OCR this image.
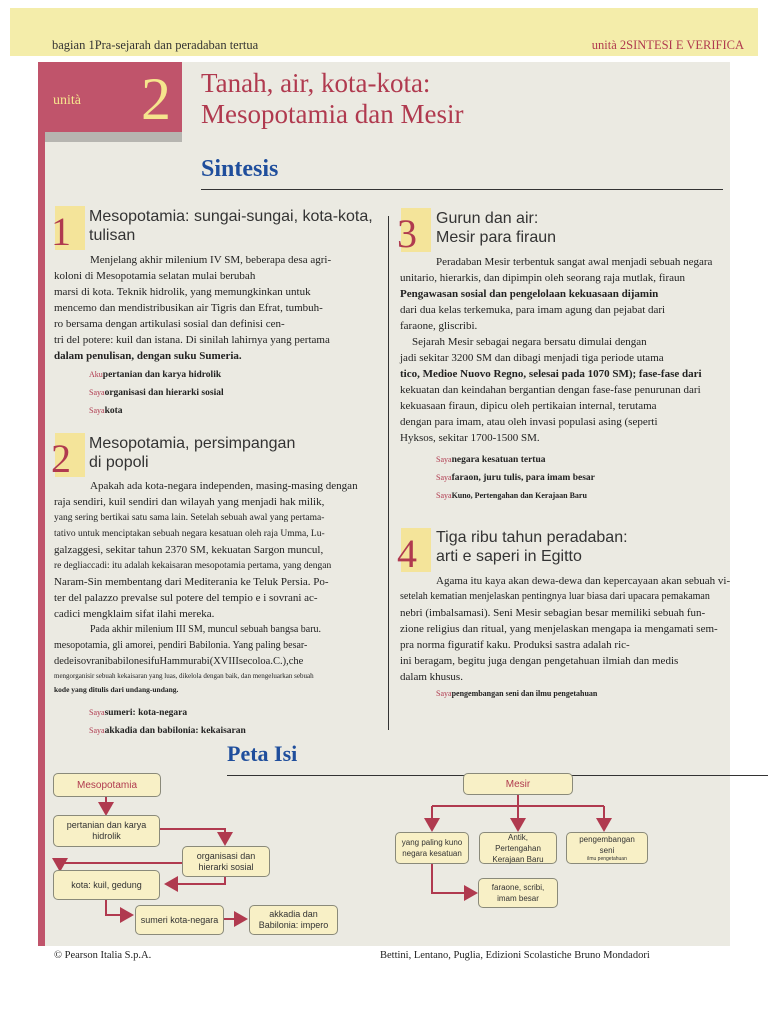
bagian 1Pra-sejarah dan peradaban tertua	unità 2SINTESI E VERIFICA
unità 2 Tanah, air, kota-kota:
Mesopotamia dan Mesir
Sintesis
1 Mesopotamia: sungai-sungai, kota-kota,
tulisan

Menjelang akhir milenium IV SM, beberapa desa agri-

koloni di Mesopotamia selatan mulai berubah

marsi di kota. Teknik hidrolik, yang memungkinkan untuk

mencemo dan mendistribusikan air Tigris dan Efrat, tumbuh-

ro bersama dengan artikulasi sosial dan definisi cen-

tri del potere: kuil dan istana. Di sinilah lahirnya yang pertama

dalam penulisan, dengan suku Sumeria.

Akupertanian dan karya hidrolik
Sayaorganisasi dan hierarki sosial
Sayakota
2 Mesopotamia, persimpangan
di popoli

Apakah ada kota-negara independen, masing-masing dengan

raja sendiri, kuil sendiri dan wilayah yang menjadi hak milik,

yang sering bertikai satu sama lain. Setelah sebuah awal yang pertama-

tativo untuk menciptakan sebuah negara kesatuan oleh raja Umma, Lu-

galzaggesi, sekitar tahun 2370 SM, kekuatan Sargon muncul,

re degliaccadi: itu adalah kekaisaran mesopotamia pertama, yang dengan

Naram-Sin membentang dari Mediterania ke Teluk Persia. Po-

ter del palazzo prevalse sul potere del tempio e i sovrani ac-

cadici mengklaim sifat ilahi mereka.

Pada akhir milenium III SM, muncul sebuah bangsa baru.

mesopotamia, gli amorei, pendiri Babilonia. Yang paling besar-

dedeisovranibabilonesifuHammurabi(XVIIIsecoloa.C.),che

mengorganisir sebuah kekaisaran yang luas, dikelola dengan baik, dan mengeluarkan sebuah

kode yang ditulis dari undang-undang.

Sayasumeri: kota-negara
Sayaakkadia dan babilonia: kekaisaran
3 Gurun dan air:
Mesir para firaun

Peradaban Mesir terbentuk sangat awal menjadi sebuah negara

unitario, hierarkis, dan dipimpin oleh seorang raja mutlak, firaun

Pengawasan sosial dan pengelolaan kekuasaan dijamin

dari dua kelas terkemuka, para imam agung dan pejabat dari

faraone, gliscribi.

Sejarah Mesir sebagai negara bersatu dimulai dengan

jadi sekitar 3200 SM dan dibagi menjadi tiga periode utama

tico, Medioe Nuovo Regno, selesai pada 1070 SM); fase-fase dari

kekuatan dan keindahan bergantian dengan fase-fase penurunan dari

kekuasaan firaun, dipicu oleh pertikaian internal, terutama

dengan para imam, atau oleh invasi populasi asing (seperti

Hyksos, sekitar 1700-1500 SM.

Sayanegara kesatuan tertua
Sayafaraon, juru tulis, para imam besar
SayaKuno, Pertengahan dan Kerajaan Baru
4 Tiga ribu tahun peradaban:
arti e saperi in Egitto

Agama itu kaya akan dewa-dewa dan kepercayaan akan sebuah vi-

setelah kematian menjelaskan pentingnya luar biasa dari upacara pemakaman

nebri (imbalsamasi). Seni Mesir sebagian besar memiliki sebuah fun-

zione religius dan ritual, yang menjelaskan mengapa ia mengamati sem-

pra norma figuratif kaku. Produksi sastra adalah ric-

ini beragam, begitu juga dengan pengetahuan ilmiah dan medis

dalam khusus.

Sayapengembangan seni dan ilmu pengetahuan
Peta Isi
Mesopotamia
pertanian dan karya hidrolik
organisasi dan hierarki sosial
kota: kuil, gedung
sumeri kota-negara
akkadia dan Babilonia: impero
Mesir
yang paling kuno negara kesatuan
Antik, Pertengahan Kerajaan Baru
pengembangan seni
ilmu pengetahuan
faraone, scribi, imam besar
© Pearson Italia S.p.A.	Bettini, Lentano, Puglia, Edizioni Scolastiche Bruno Mondadori
